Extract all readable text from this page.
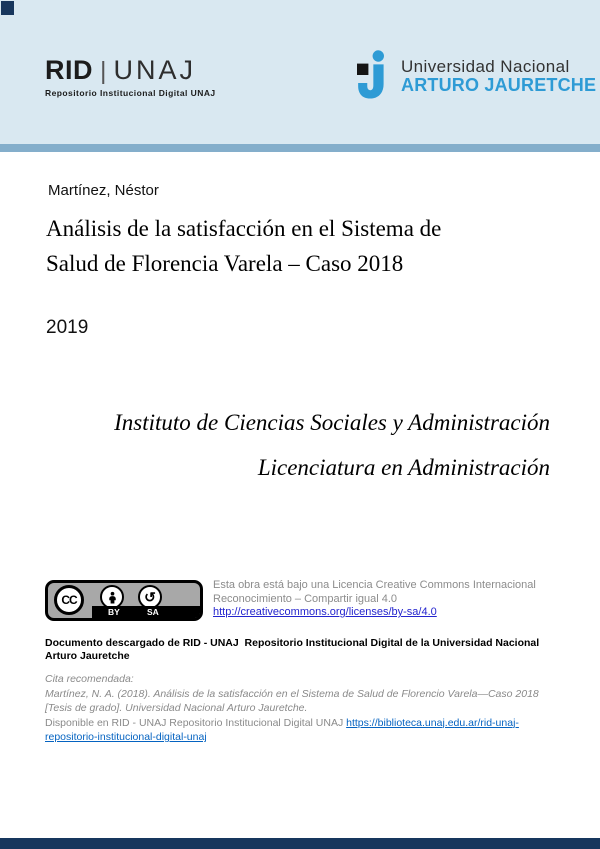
RID | UNAJ
Repositorio Institucional Digital UNAJ
Universidad Nacional
ARTURO JAURETCHE
Martínez, Néstor
Análisis de la satisfacción en el Sistema de
Salud de Florencia Varela – Caso 2018
2019
Instituto de Ciencias Sociales y Administración
Licenciatura en Administración
CC	↺
BY	SA
Esta obra está bajo una Licencia Creative Commons Internacional
Reconocimiento – Compartir igual 4.0
http://creativecommons.org/licenses/by-sa/4.0
Documento descargado de RID - UNAJ  Repositorio Institucional Digital de la Universidad Nacional Arturo Jauretche
Cita recomendada:
Martínez, N. A. (2018). Análisis de la satisfacción en el Sistema de Salud de Florencio Varela—Caso 2018 [Tesis de grado]. Universidad Nacional Arturo Jauretche.
Disponible en RID - UNAJ Repositorio Institucional Digital UNAJ https://biblioteca.unaj.edu.ar/rid-unaj-repositorio-institucional-digital-unaj
